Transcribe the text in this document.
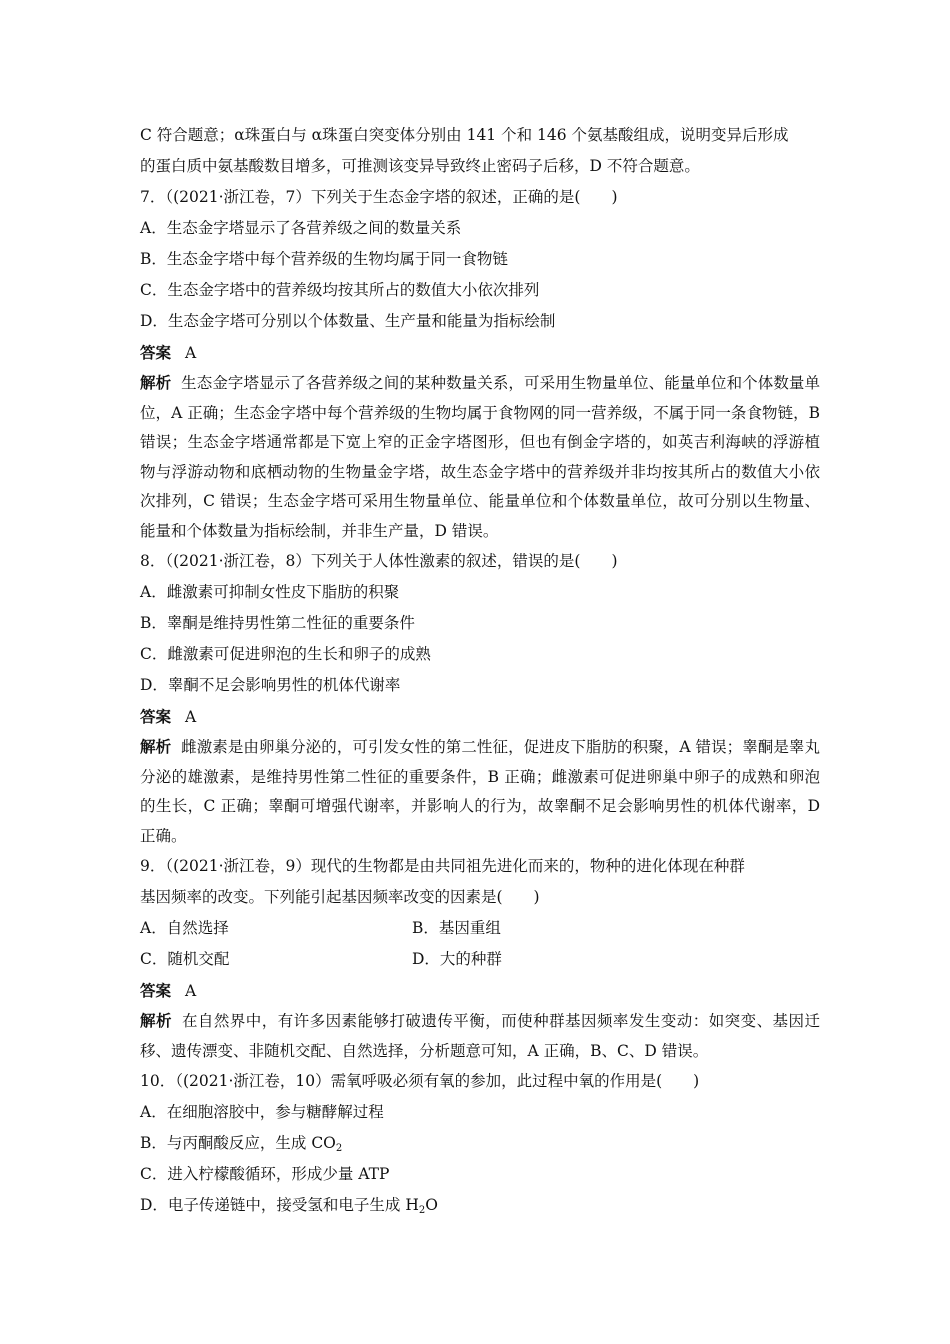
C 符合题意；α珠蛋白与 α珠蛋白突变体分别由 141 个和 146 个氨基酸组成，说明变异后形成
的蛋白质中氨基酸数目增多，可推测该变异导致终止密码子后移，D 不符合题意。
7．（(2021·浙江卷，7）下列关于生态金字塔的叙述，正确的是(　　)
A．生态金字塔显示了各营养级之间的数量关系
B．生态金字塔中每个营养级的生物均属于同一食物链
C．生态金字塔中的营养级均按其所占的数值大小依次排列
D．生态金字塔可分别以个体数量、生产量和能量为指标绘制
答案 A
解析 生态金字塔显示了各营养级之间的某种数量关系，可采用生物量单位、能量单位和个体数量单位，A 正确；生态金字塔中每个营养级的生物均属于食物网的同一营养级，不属于同一条食物链，B 错误；生态金字塔通常都是下宽上窄的正金字塔图形，但也有倒金字塔的，如英吉利海峡的浮游植物与浮游动物和底栖动物的生物量金字塔，故生态金字塔中的营养级并非均按其所占的数值大小依次排列，C 错误；生态金字塔可采用生物量单位、能量单位和个体数量单位，故可分别以生物量、能量和个体数量为指标绘制，并非生产量，D 错误。
8．（(2021·浙江卷，8）下列关于人体性激素的叙述，错误的是(　　)
A．雌激素可抑制女性皮下脂肪的积聚
B．睾酮是维持男性第二性征的重要条件
C．雌激素可促进卵泡的生长和卵子的成熟
D．睾酮不足会影响男性的机体代谢率
答案 A
解析 雌激素是由卵巢分泌的，可引发女性的第二性征，促进皮下脂肪的积聚，A 错误；睾酮是睾丸分泌的雄激素，是维持男性第二性征的重要条件，B 正确；雌激素可促进卵巢中卵子的成熟和卵泡的生长，C 正确；睾酮可增强代谢率，并影响人的行为，故睾酮不足会影响男性的机体代谢率，D 正确。
9．（(2021·浙江卷，9）现代的生物都是由共同祖先进化而来的，物种的进化体现在种群
基因频率的改变。下列能引起基因频率改变的因素是(　　)
A．自然选择	B．基因重组
C．随机交配	D．大的种群
答案 A
解析 在自然界中，有许多因素能够打破遗传平衡，而使种群基因频率发生变动：如突变、基因迁移、遗传漂变、非随机交配、自然选择，分析题意可知，A 正确，B、C、D 错误。
10．（(2021·浙江卷，10）需氧呼吸必须有氧的参加，此过程中氧的作用是(　　)
A．在细胞溶胶中，参与糖酵解过程
B．与丙酮酸反应，生成 $CO_2$
C．进入柠檬酸循环，形成少量 ATP
D．电子传递链中，接受氢和电子生成 $H_2O$
